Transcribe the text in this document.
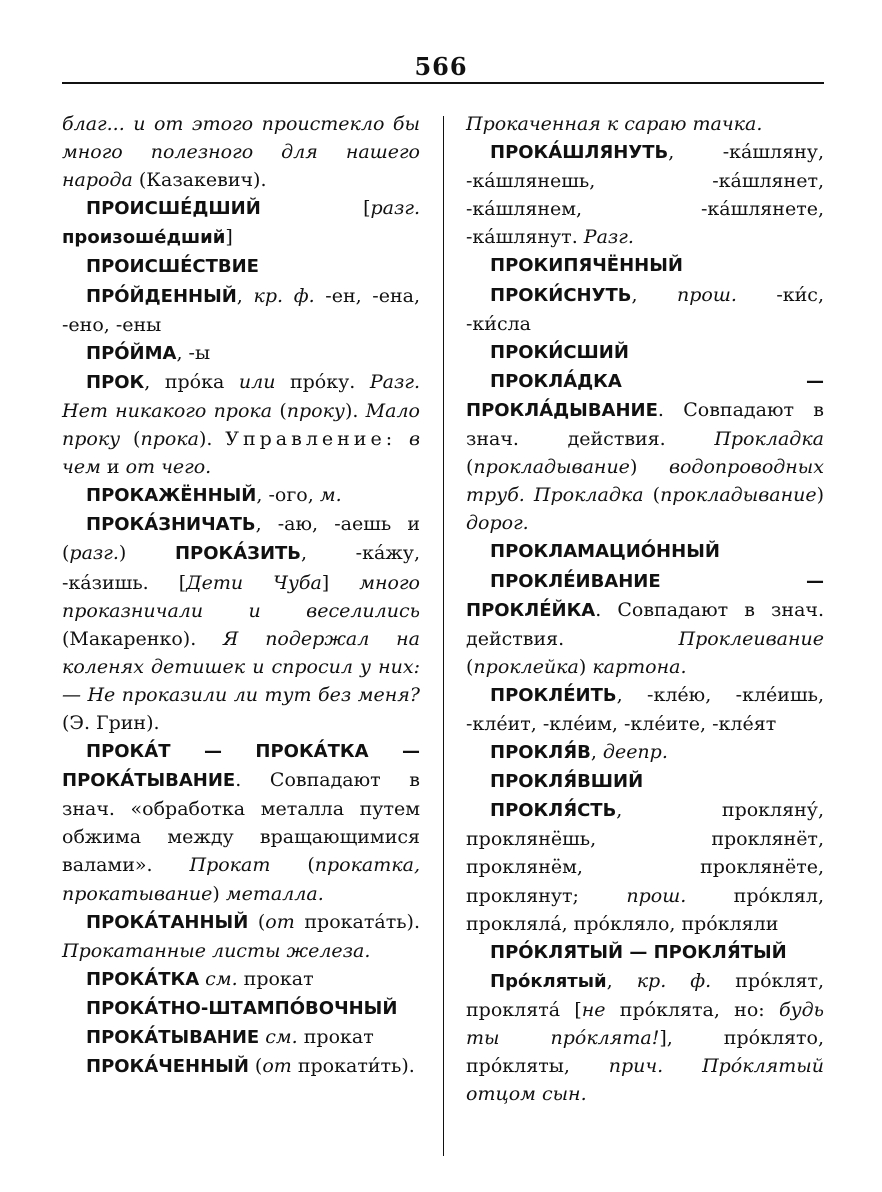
566

благ... и от этого проистекло бы много полезного для нашего народа (Казакевич).

ПРОИСШЕ́ДШИЙ [разг. произоше́дший]

ПРОИСШЕ́СТВИЕ

ПРО́ЙДЕННЫЙ, кр. ф. -ен, -ена, -ено, -ены

ПРО́ЙМА, -ы

ПРОК, про́ка или про́ку. Разг. Нет никакого прока (проку). Мало проку (прока). Управление: в чем и от чего.

ПРОКАЖЁННЫЙ, -ого, м.

ПРОКА́ЗНИЧАТЬ, -аю, -аешь и (разг.) ПРОКА́ЗИТЬ, -ка́жу, -ка́зишь. [Дети Чуба] много проказничали и веселились (Макаренко). Я подержал на коленях детишек и спросил у них: — Не проказили ли тут без меня? (Э. Грин).

ПРОКА́Т — ПРОКА́ТКА — ПРОКА́ТЫВАНИЕ. Совпадают в знач. «обработка металла путем обжима между вращающимися валами». Прокат (прокатка, прокатывание) металла.

ПРОКА́ТАННЫЙ (от проката́ть). Прокатанные листы железа.

ПРОКА́ТКА см. прокат

ПРОКА́ТНО-ШТАМПО́ВОЧНЫЙ

ПРОКА́ТЫВАНИЕ см. прокат

ПРОКА́ЧЕННЫЙ (от прокати́ть).

Прокаченная к сараю тачка.

ПРОКА́ШЛЯНУТЬ, -ка́шляну, -ка́шлянешь, -ка́шлянет, -ка́шлянем, -ка́шлянете, -ка́шлянут. Разг.

ПРОКИПЯЧЁННЫЙ

ПРОКИ́СНУТЬ, прош. -ки́с, -ки́сла

ПРОКИ́СШИЙ

ПРОКЛА́ДКА — ПРОКЛА́ДЫВАНИЕ. Совпадают в знач. действия. Прокладка (прокладывание) водопроводных труб. Прокладка (прокладывание) дорог.

ПРОКЛАМАЦИО́ННЫЙ

ПРОКЛЕ́ИВАНИЕ — ПРОКЛЕ́ЙКА. Совпадают в знач. действия. Проклеивание (проклейка) картона.

ПРОКЛЕ́ИТЬ, -кле́ю, -кле́ишь, -кле́ит, -кле́им, -кле́ите, -кле́ят

ПРОКЛЯ́В, деепр.

ПРОКЛЯ́ВШИЙ

ПРОКЛЯ́СТЬ, прокляну́, проклянёшь, проклянёт, проклянём, проклянёте, проклянут; прош. про́клял, прокляла́, про́кляло, про́кляли

ПРО́КЛЯТЫЙ — ПРОКЛЯ́ТЫЙ

Про́клятый, кр. ф. про́клят, проклята́ [не про́клята, но: будь ты про́клята!], про́клято, про́кляты, прич. Про́клятый отцом сын.
